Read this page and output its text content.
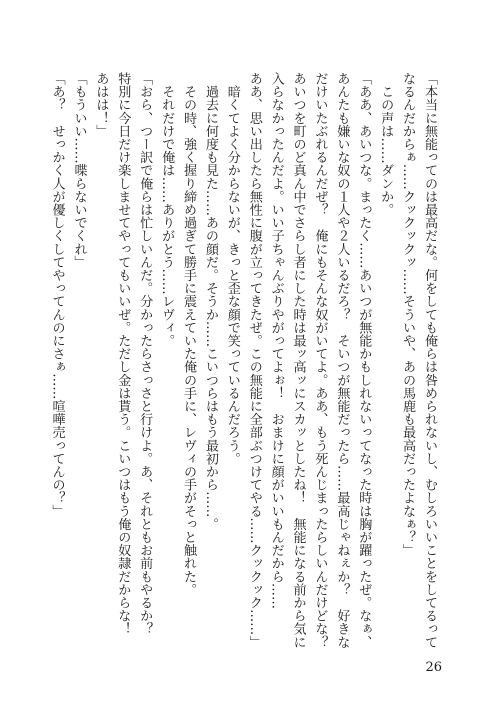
「本当に無能ってのは最高だな。何をしても俺らは咎められないし、むしろいいことをしてるって
なるんだからぁ……クックックッ……そういや、あの馬鹿も最高だったよなぁ？」
　この声は……ダンか。
「ああ、あいつな。まったく……あいつが無能かもしれないってなった時は胸が躍ったぜ。なぁ、
あんたも嫌いな奴の１人や２人いるだろ？　そいつが無能だったら……最高じゃねぇか？　好きな
だけいたぶれるんだぜ？　俺にもそんな奴がいてよ。ああ、もう死んじまったらしいんだけどな？
あいつを町のど真ん中でさらし者にした時は最ッ高ッにスカッとしたね！　無能になる前から気に
入らなかったんだよ。いい子ちゃんぶりやがってよぉ！　おまけに顔がいいもんだから……
ああ、思い出したら無性に腹が立ってきたぜ。この無能に全部ぶつけてやる……クックック……」
　暗くてよく分からないが、きっと歪な顔で笑っているんだろう。
　過去に何度も見た……あの顔だ。そうか……こいつらはもう最初から……。
　その時、強く握り締め過ぎて勝手に震えていた俺の手に、レヴィの手がそっと触れた。
　それだけで俺は……ありがとう……レヴィ。
「おら、つー訳で俺らは忙しいんだ。分かったらさっさと行けよ。あ、それともお前もやるか？
特別に今日だけ楽しませてやってもいいぜ。ただし金は貰う。こいつはもう俺の奴隷だからな！
あはは！」
「もういい……喋らないでくれ」
「あ？　せっかく人が優しくしてやってんのにさぁ……喧嘩売ってんの？」
26
